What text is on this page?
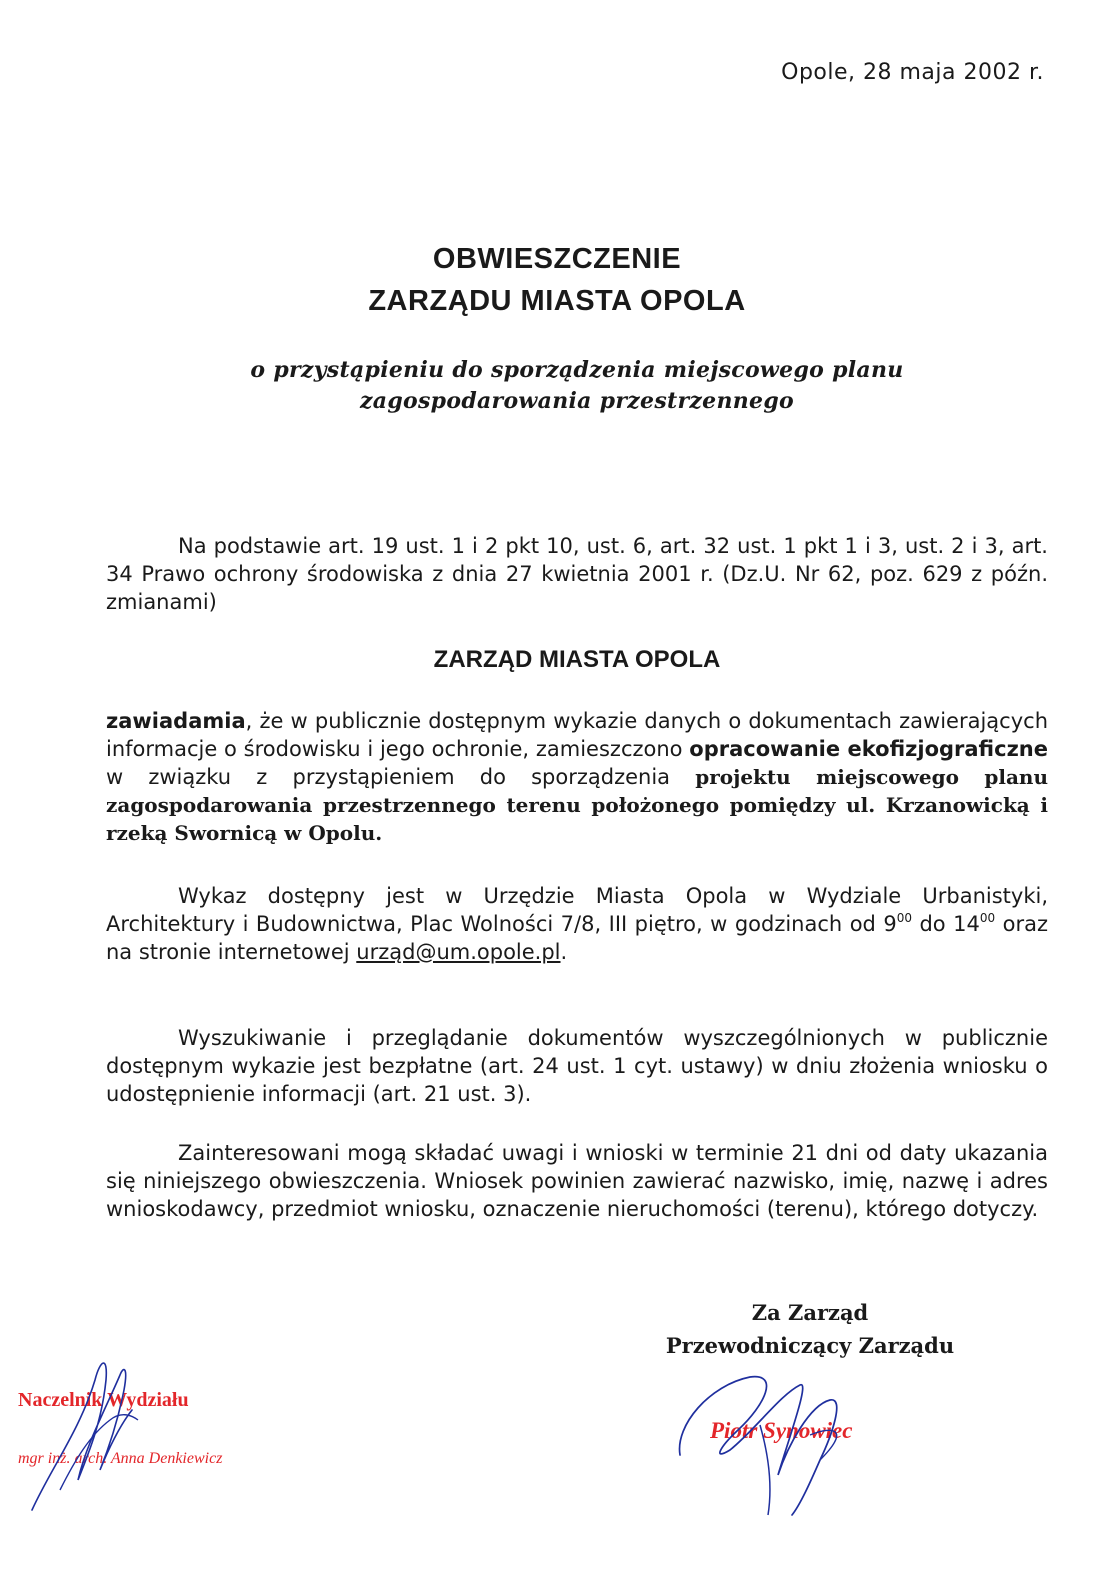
Opole, 28 maja 2002 r.
OBWIESZCZENIE
ZARZĄDU MIASTA OPOLA
o przystąpieniu do sporządzenia miejscowego planu
zagospodarowania przestrzennego

Na podstawie art. 19 ust. 1 i 2 pkt 10, ust. 6, art. 32 ust. 1 pkt 1 i 3, ust. 2 i 3, art. 34 Prawo ochrony środowiska z dnia 27 kwietnia 2001 r. (Dz.U. Nr 62, poz. 629 z późn. zmianami)

ZARZĄD MIASTA OPOLA

zawiadamia, że w publicznie dostępnym wykazie danych o dokumentach zawierających informacje o środowisku i jego ochronie, zamieszczono opracowanie ekofizjograficzne w związku z przystąpieniem do sporządzenia projektu miejscowego planu zagospodarowania przestrzennego terenu położonego pomiędzy ul. Krzanowicką i rzeką Swornicą w Opolu.

Wykaz dostępny jest w Urzędzie Miasta Opola w Wydziale Urbanistyki, Architektury i Budownictwa, Plac Wolności 7/8, III piętro, w godzinach od $9^{00}$ do $14^{00}$ oraz na stronie internetowej urząd@um.opole.pl.

Wyszukiwanie i przeglądanie dokumentów wyszczególnionych w publicznie dostępnym wykazie jest bezpłatne (art. 24 ust. 1 cyt. ustawy) w dniu złożenia wniosku o udostępnienie informacji (art. 21 ust. 3).

Zainteresowani mogą składać uwagi i wnioski w terminie 21 dni od daty ukazania się niniejszego obwieszczenia. Wniosek powinien zawierać nazwisko, imię, nazwę i adres wnioskodawcy, przedmiot wniosku, oznaczenie nieruchomości (terenu), którego dotyczy.

Za Zarząd
Przewodniczący Zarządu
Naczelnik Wydziału
mgr inż. arch. Anna Denkiewicz
Piotr Synowiec
